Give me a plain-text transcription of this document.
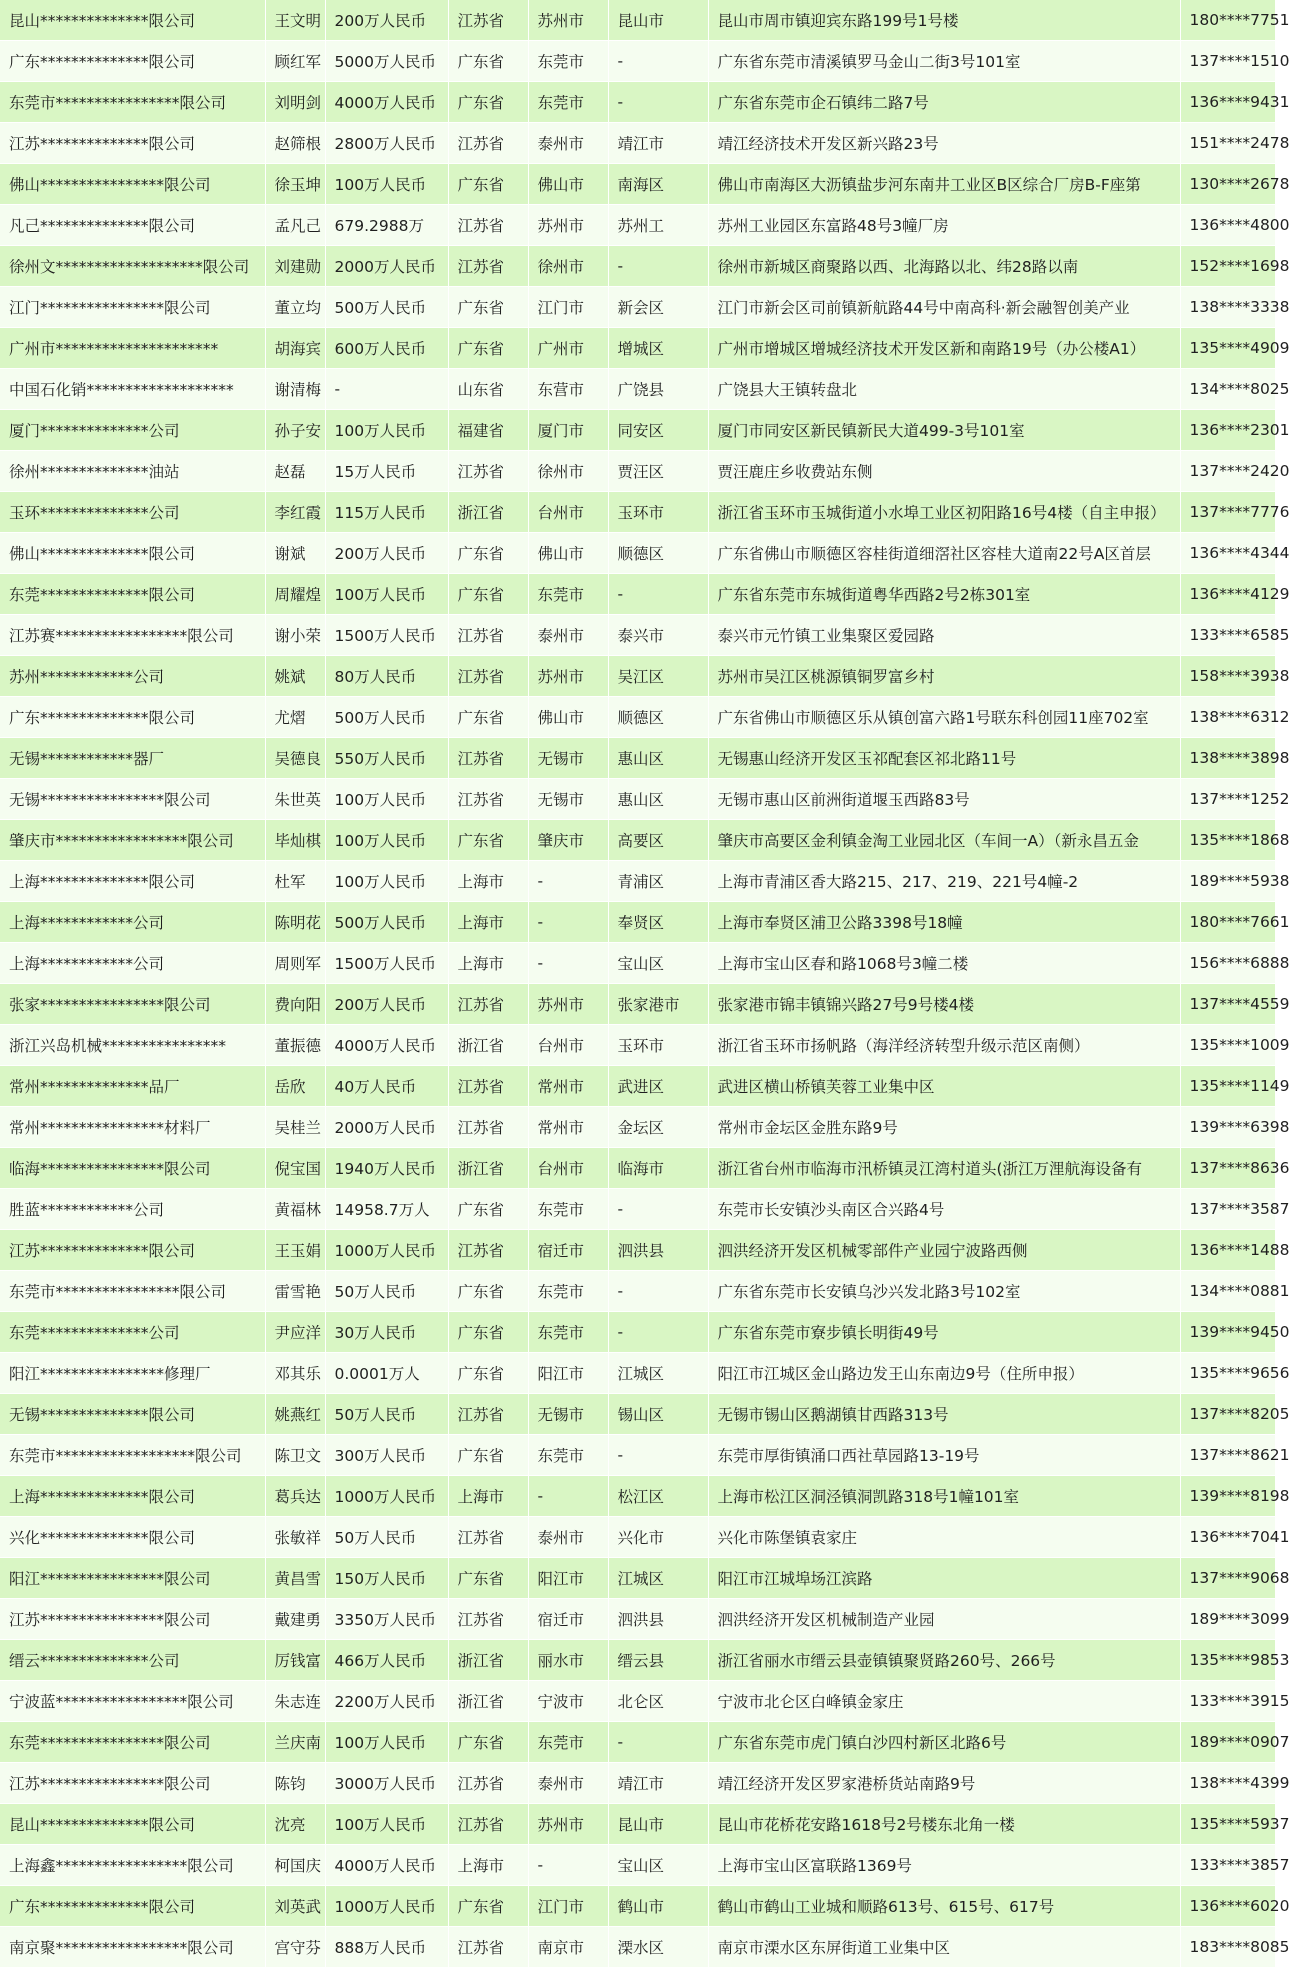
昆山**************限公司	王文明	200万人民币	江苏省	苏州市	昆山市	昆山市周市镇迎宾东路199号1号楼	180****7751
广东**************限公司	顾红军	5000万人民币	广东省	东莞市	-	广东省东莞市清溪镇罗马金山二街3号101室	137****1510
东莞市****************限公司	刘明剑	4000万人民币	广东省	东莞市	-	广东省东莞市企石镇纬二路7号	136****9431
江苏**************限公司	赵筛根	2800万人民币	江苏省	泰州市	靖江市	靖江经济技术开发区新兴路23号	151****2478
佛山****************限公司	徐玉坤	100万人民币	广东省	佛山市	南海区	佛山市南海区大沥镇盐步河东南井工业区B区综合厂房B-F座第	130****2678
凡己**************限公司	孟凡己	679.2988万	江苏省	苏州市	苏州工	苏州工业园区东富路48号3幢厂房	136****4800
徐州文*******************限公司	刘建勋	2000万人民币	江苏省	徐州市	-	徐州市新城区商聚路以西、北海路以北、纬28路以南	152****1698
江门****************限公司	董立均	500万人民币	广东省	江门市	新会区	江门市新会区司前镇新航路44号中南高科·新会融智创美产业	138****3338
广州市*********************	胡海宾	600万人民币	广东省	广州市	增城区	广州市增城区增城经济技术开发区新和南路19号（办公楼A1）	135****4909
中国石化销*******************	谢清梅	-	山东省	东营市	广饶县	广饶县大王镇转盘北	134****8025
厦门**************公司	孙子安	100万人民币	福建省	厦门市	同安区	厦门市同安区新民镇新民大道499-3号101室	136****2301
徐州**************油站	赵磊	15万人民币	江苏省	徐州市	贾汪区	贾汪鹿庄乡收费站东侧	137****2420
玉环**************公司	李红霞	115万人民币	浙江省	台州市	玉环市	浙江省玉环市玉城街道小水埠工业区初阳路16号4楼（自主申报）	137****7776
佛山**************限公司	谢斌	200万人民币	广东省	佛山市	顺德区	广东省佛山市顺德区容桂街道细滘社区容桂大道南22号A区首层	136****4344
东莞**************限公司	周耀煌	100万人民币	广东省	东莞市	-	广东省东莞市东城街道粤华西路2号2栋301室	136****4129
江苏赛*****************限公司	谢小荣	1500万人民币	江苏省	泰州市	泰兴市	泰兴市元竹镇工业集聚区爱园路	133****6585
苏州************公司	姚斌	80万人民币	江苏省	苏州市	吴江区	苏州市吴江区桃源镇铜罗富乡村	158****3938
广东**************限公司	尤熠	500万人民币	广东省	佛山市	顺德区	广东省佛山市顺德区乐从镇创富六路1号联东科创园11座702室	138****6312
无锡************器厂	吴德良	550万人民币	江苏省	无锡市	惠山区	无锡惠山经济开发区玉祁配套区祁北路11号	138****3898
无锡****************限公司	朱世英	100万人民币	江苏省	无锡市	惠山区	无锡市惠山区前洲街道堰玉西路83号	137****1252
肇庆市*****************限公司	毕灿棋	100万人民币	广东省	肇庆市	高要区	肇庆市高要区金利镇金淘工业园北区（车间一A）（新永昌五金	135****1868
上海**************限公司	杜军	100万人民币	上海市	-	青浦区	上海市青浦区香大路215、217、219、221号4幢-2	189****5938
上海************公司	陈明花	500万人民币	上海市	-	奉贤区	上海市奉贤区浦卫公路3398号18幢	180****7661
上海************公司	周则军	1500万人民币	上海市	-	宝山区	上海市宝山区春和路1068号3幢二楼	156****6888
张家****************限公司	费向阳	200万人民币	江苏省	苏州市	张家港市	张家港市锦丰镇锦兴路27号9号楼4楼	137****4559
浙江兴岛机械****************	董振德	4000万人民币	浙江省	台州市	玉环市	浙江省玉环市扬帆路（海洋经济转型升级示范区南侧）	135****1009
常州**************品厂	岳欣	40万人民币	江苏省	常州市	武进区	武进区横山桥镇芙蓉工业集中区	135****1149
常州****************材料厂	吴桂兰	2000万人民币	江苏省	常州市	金坛区	常州市金坛区金胜东路9号	139****6398
临海****************限公司	倪宝国	1940万人民币	浙江省	台州市	临海市	浙江省台州市临海市汛桥镇灵江湾村道头(浙江万浬航海设备有	137****8636
胜蓝************公司	黄福林	14958.7万人	广东省	东莞市	-	东莞市长安镇沙头南区合兴路4号	137****3587
江苏**************限公司	王玉娟	1000万人民币	江苏省	宿迁市	泗洪县	泗洪经济开发区机械零部件产业园宁波路西侧	136****1488
东莞市****************限公司	雷雪艳	50万人民币	广东省	东莞市	-	广东省东莞市长安镇乌沙兴发北路3号102室	134****0881
东莞**************公司	尹应洋	30万人民币	广东省	东莞市	-	广东省东莞市寮步镇长明街49号	139****9450
阳江****************修理厂	邓其乐	0.0001万人	广东省	阳江市	江城区	阳江市江城区金山路边发王山东南边9号（住所申报）	135****9656
无锡**************限公司	姚燕红	50万人民币	江苏省	无锡市	锡山区	无锡市锡山区鹅湖镇甘西路313号	137****8205
东莞市******************限公司	陈卫文	300万人民币	广东省	东莞市	-	东莞市厚街镇涌口西社草园路13-19号	137****8621
上海**************限公司	葛兵达	1000万人民币	上海市	-	松江区	上海市松江区洞泾镇洞凯路318号1幢101室	139****8198
兴化**************限公司	张敏祥	50万人民币	江苏省	泰州市	兴化市	兴化市陈堡镇袁家庄	136****7041
阳江****************限公司	黄昌雪	150万人民币	广东省	阳江市	江城区	阳江市江城埠场江滨路	137****9068
江苏****************限公司	戴建勇	3350万人民币	江苏省	宿迁市	泗洪县	泗洪经济开发区机械制造产业园	189****3099
缙云**************公司	厉钱富	466万人民币	浙江省	丽水市	缙云县	浙江省丽水市缙云县壶镇镇聚贤路260号、266号	135****9853
宁波蓝*****************限公司	朱志连	2200万人民币	浙江省	宁波市	北仑区	宁波市北仑区白峰镇金家庄	133****3915
东莞****************限公司	兰庆南	100万人民币	广东省	东莞市	-	广东省东莞市虎门镇白沙四村新区北路6号	189****0907
江苏****************限公司	陈钧	3000万人民币	江苏省	泰州市	靖江市	靖江经济开发区罗家港桥货站南路9号	138****4399
昆山**************限公司	沈亮	100万人民币	江苏省	苏州市	昆山市	昆山市花桥花安路1618号2号楼东北角一楼	135****5937
上海鑫*****************限公司	柯国庆	4000万人民币	上海市	-	宝山区	上海市宝山区富联路1369号	133****3857
广东**************限公司	刘英武	1000万人民币	广东省	江门市	鹤山市	鹤山市鹤山工业城和顺路613号、615号、617号	136****6020
南京聚*****************限公司	宫守芬	888万人民币	江苏省	南京市	溧水区	南京市溧水区东屏街道工业集中区	183****8085
